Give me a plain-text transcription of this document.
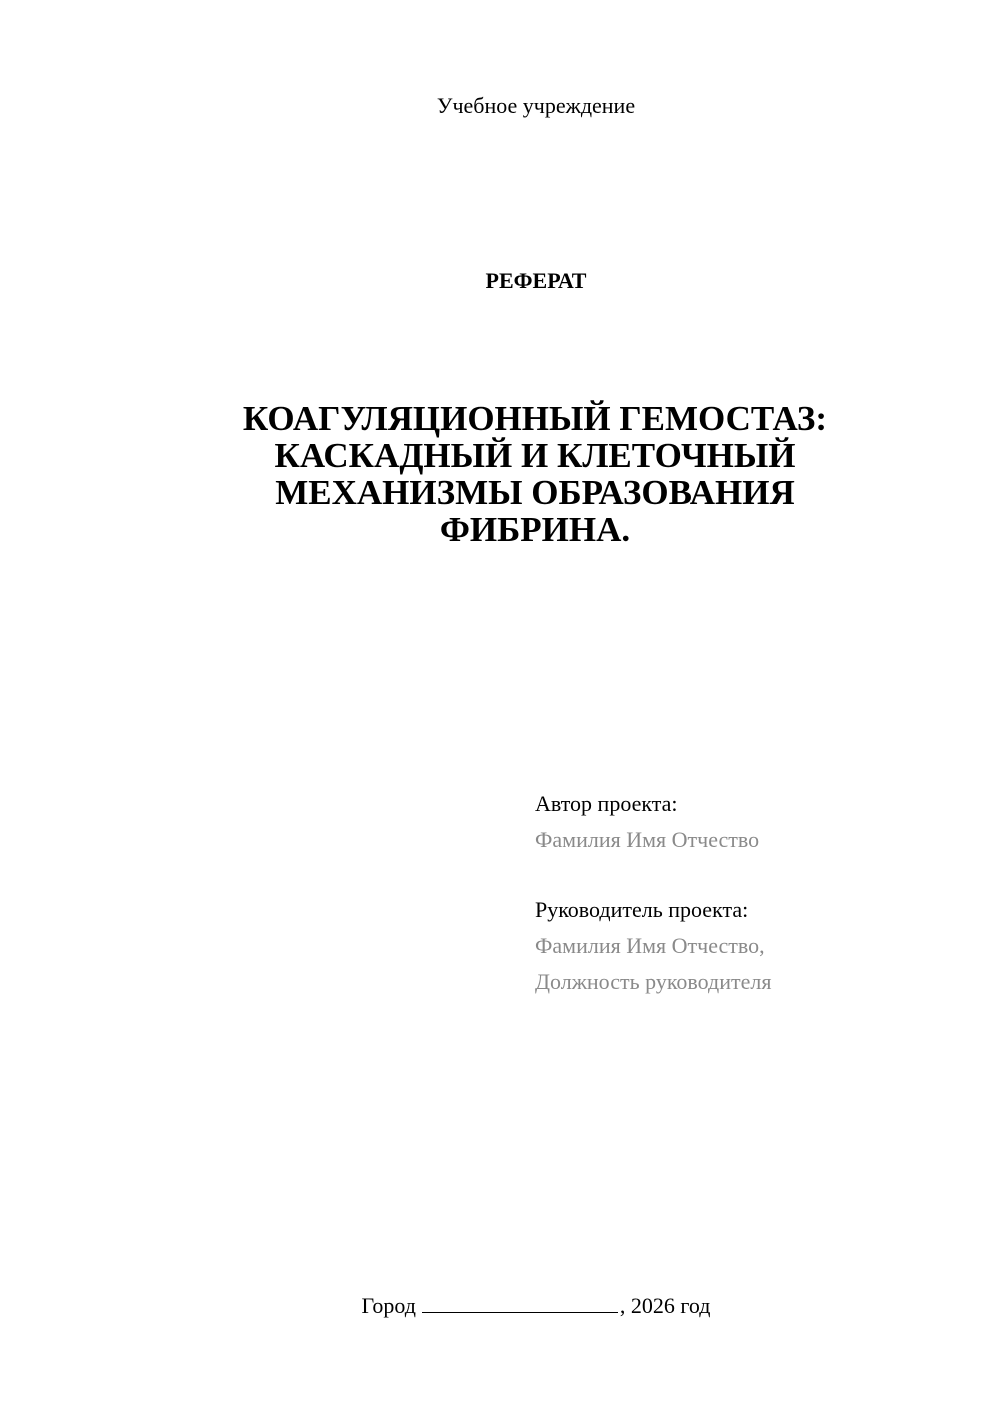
Учебное учреждение
РЕФЕРАТ
КОАГУЛЯЦИОННЫЙ ГЕМОСТАЗ:
КАСКАДНЫЙ И КЛЕТОЧНЫЙ
МЕХАНИЗМЫ ОБРАЗОВАНИЯ
ФИБРИНА.
Автор проекта:
Фамилия Имя Отчество
Руководитель проекта:
Фамилия Имя Отчество,
Должность руководителя
Город	, 2026 год
